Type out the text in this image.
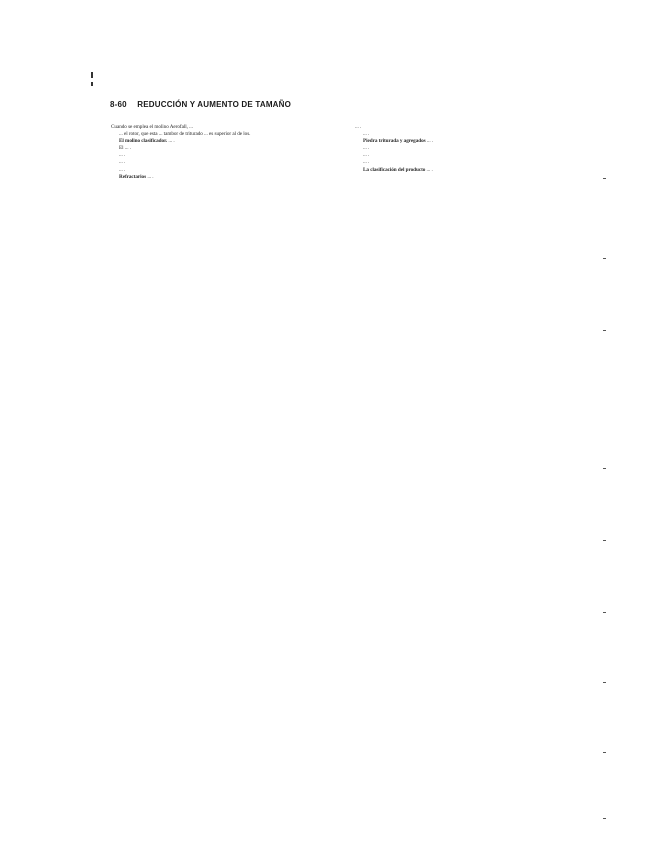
8-60 REDUCCIÓN Y AUMENTO DE TAMAÑO

Cuando se emplea el molino Aerofall, ...

... el rotor, que esta ... tambor de triturado ... es superior al de los.

El molino clasificador. ... .

El ... .

... .

... .

... .

Refractarios ... .

... .

... .

Piedra triturada y agregados ... .

... .

... .

... .

La clasificación del producto ... .
